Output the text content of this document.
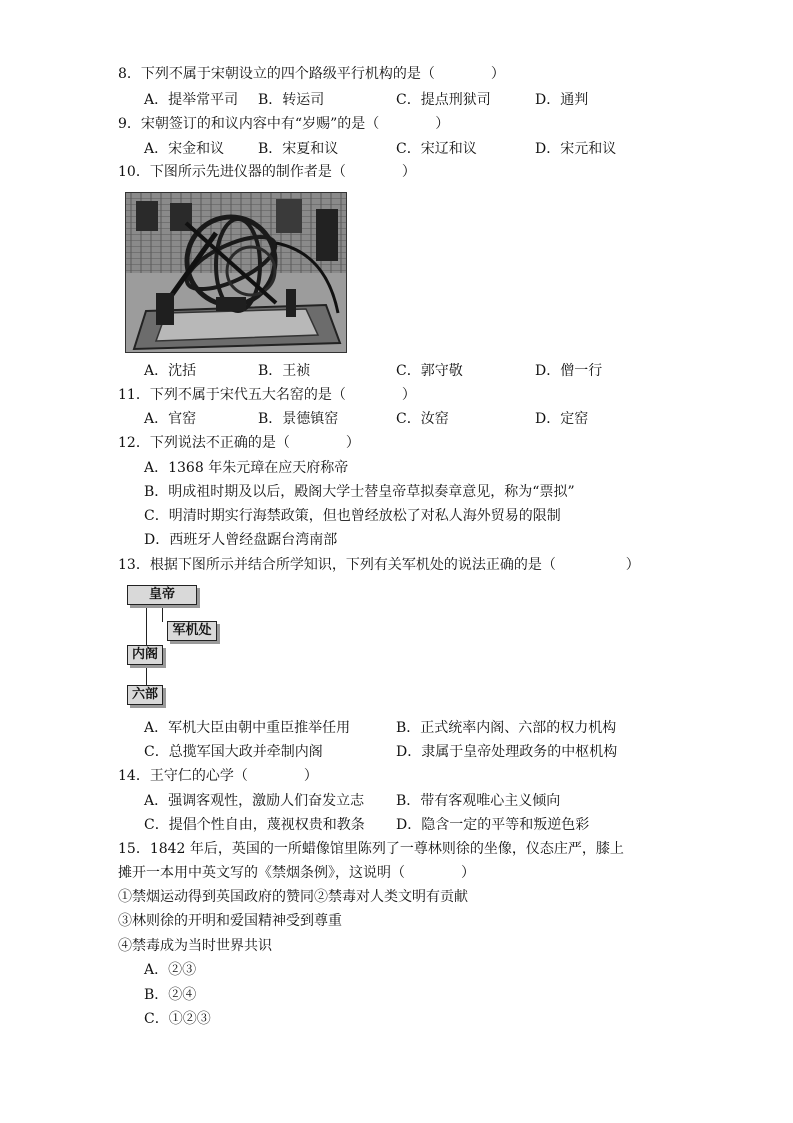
8．下列不属于宋朝设立的四个路级平行机构的是（　　　　）
A．提举常平司 B．转运司	C．提点刑狱司	D．通判
9．宋朝签订的和议内容中有“岁赐”的是（　　　　）
A．宋金和议 B．宋夏和议	C．宋辽和议	D．宋元和议
10．下图所示先进仪器的制作者是（　　　　）
A．沈括	B．王祯	C．郭守敬	D．僧一行
11．下列不属于宋代五大名窑的是（　　　　）
A．官窑	B．景德镇窑	C．汝窑	D．定窑
12．下列说法不正确的是（　　　　）
A．1368 年朱元璋在应天府称帝
B．明成祖时期及以后，殿阁大学士替皇帝草拟奏章意见，称为“票拟”
C．明清时期实行海禁政策，但也曾经放松了对私人海外贸易的限制
D．西班牙人曾经盘踞台湾南部
13．根据下图所示并结合所学知识，下列有关军机处的说法正确的是（　　　　　）
皇帝
军机处
内阁
六部
A．军机大臣由朝中重臣推举任用	B．正式统率内阁、六部的权力机构
C．总揽军国大政并牵制内阁	D．隶属于皇帝处理政务的中枢机构
14．王守仁的心学（　　　　）
A．强调客观性，激励人们奋发立志 B．带有客观唯心主义倾向
C．提倡个性自由，蔑视权贵和教条 D．隐含一定的平等和叛逆色彩
15．1842 年后，英国的一所蜡像馆里陈列了一尊林则徐的坐像，仪态庄严，膝上
摊开一本用中英文写的《禁烟条例》，这说明（　　　　）
①禁烟运动得到英国政府的赞同②禁毒对人类文明有贡献
③林则徐的开明和爱国精神受到尊重
④禁毒成为当时世界共识
A．②③
B．②④
C．①②③
